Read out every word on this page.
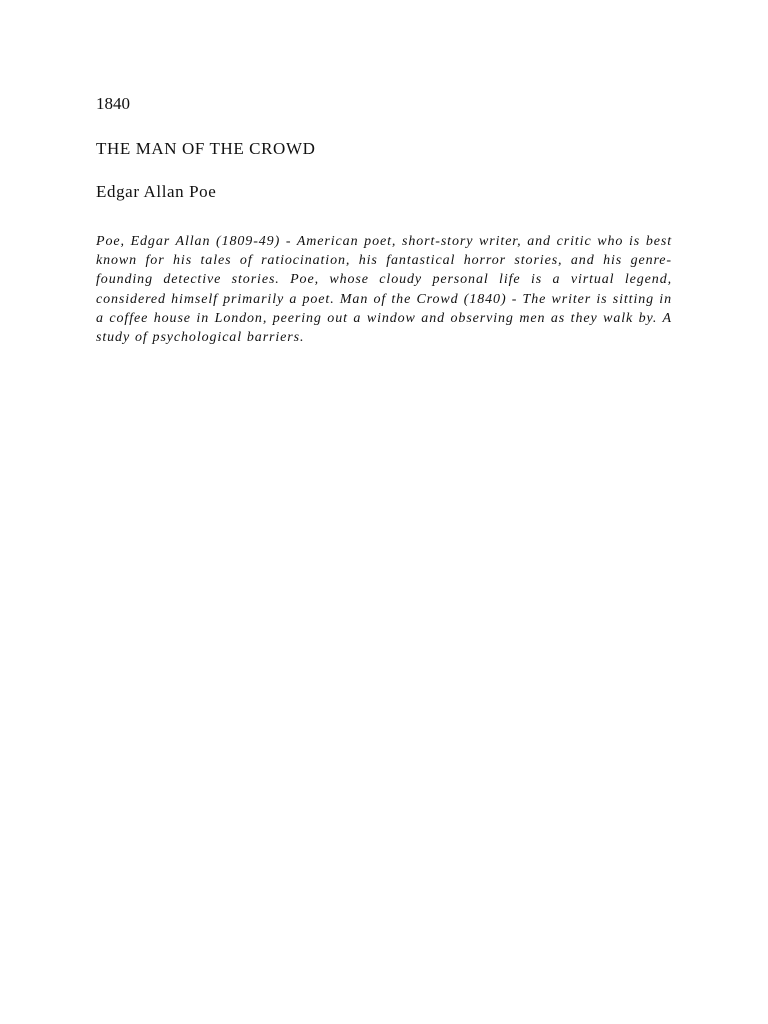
1840
THE MAN OF THE CROWD
Edgar Allan Poe

Poe, Edgar Allan (1809-49) - American poet, short-story writer, and critic who is best known for his tales of ratiocination, his fantastical horror stories, and his genre-founding detective stories. Poe, whose cloudy personal life is a virtual legend, considered himself primarily a poet. Man of the Crowd (1840) - The writer is sitting in a coffee house in London, peering out a window and observing men as they walk by. A study of psychological barriers.
